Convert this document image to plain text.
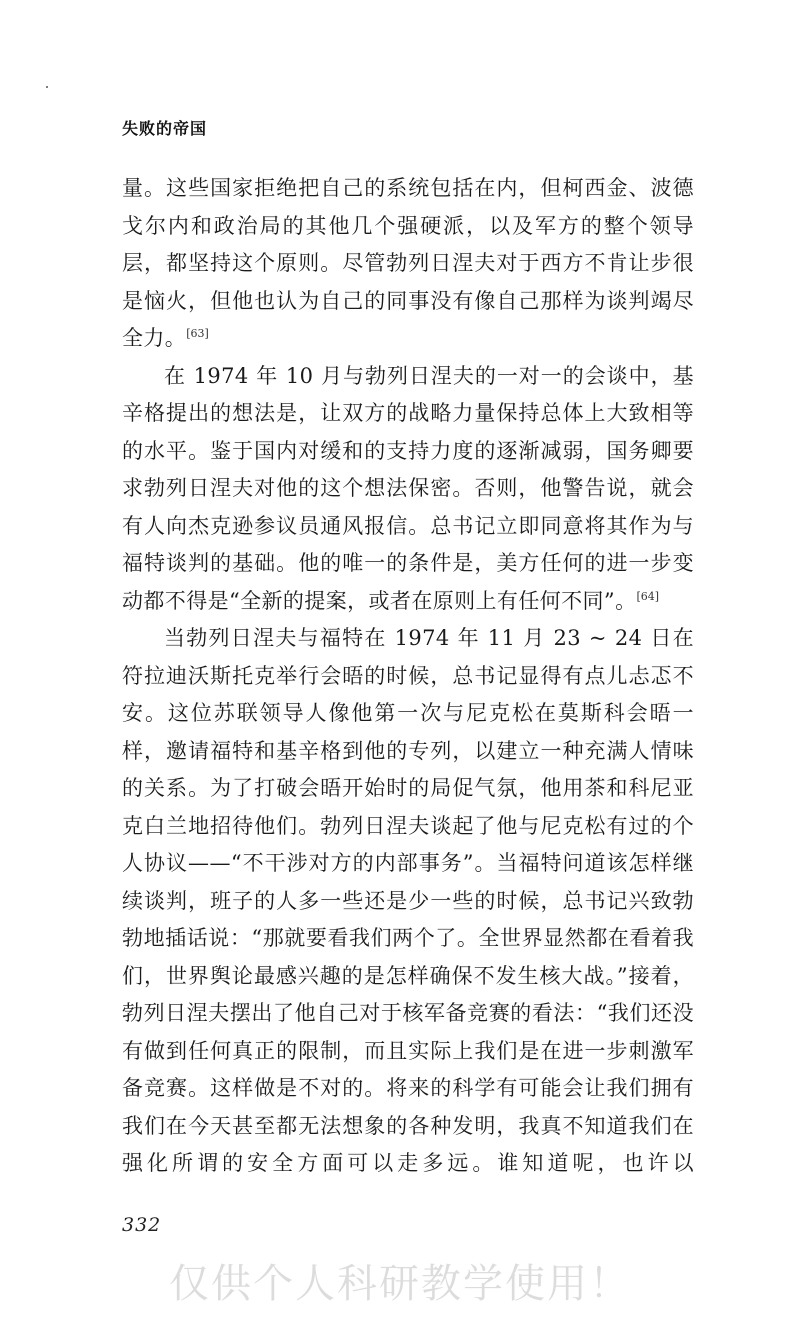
失败的帝国

量。这些国家拒绝把自己的系统包括在内，但柯西金、波德戈尔内和政治局的其他几个强硬派，以及军方的整个领导层，都坚持这个原则。尽管勃列日涅夫对于西方不肯让步很是恼火，但他也认为自己的同事没有像自己那样为谈判竭尽全力。[63]

在 1974 年 10 月与勃列日涅夫的一对一的会谈中，基辛格提出的想法是，让双方的战略力量保持总体上大致相等的水平。鉴于国内对缓和的支持力度的逐渐减弱，国务卿要求勃列日涅夫对他的这个想法保密。否则，他警告说，就会有人向杰克逊参议员通风报信。总书记立即同意将其作为与福特谈判的基础。他的唯一的条件是，美方任何的进一步变动都不得是“全新的提案，或者在原则上有任何不同”。[64]

当勃列日涅夫与福特在 1974 年 11 月 23 ~ 24 日在符拉迪沃斯托克举行会晤的时候，总书记显得有点儿忐忑不安。这位苏联领导人像他第一次与尼克松在莫斯科会晤一样，邀请福特和基辛格到他的专列，以建立一种充满人情味的关系。为了打破会晤开始时的局促气氛，他用茶和科尼亚克白兰地招待他们。勃列日涅夫谈起了他与尼克松有过的个人协议——“不干涉对方的内部事务”。当福特问道该怎样继续谈判，班子的人多一些还是少一些的时候，总书记兴致勃勃地插话说：“那就要看我们两个了。全世界显然都在看着我们，世界舆论最感兴趣的是怎样确保不发生核大战。”接着，勃列日涅夫摆出了他自己对于核军备竞赛的看法：“我们还没有做到任何真正的限制，而且实际上我们是在进一步刺激军备竞赛。这样做是不对的。将来的科学有可能会让我们拥有我们在今天甚至都无法想象的各种发明，我真不知道我们在强化所谓的安全方面可以走多远。谁知道呢，也许以

332
仅供个人科研教学使用！
